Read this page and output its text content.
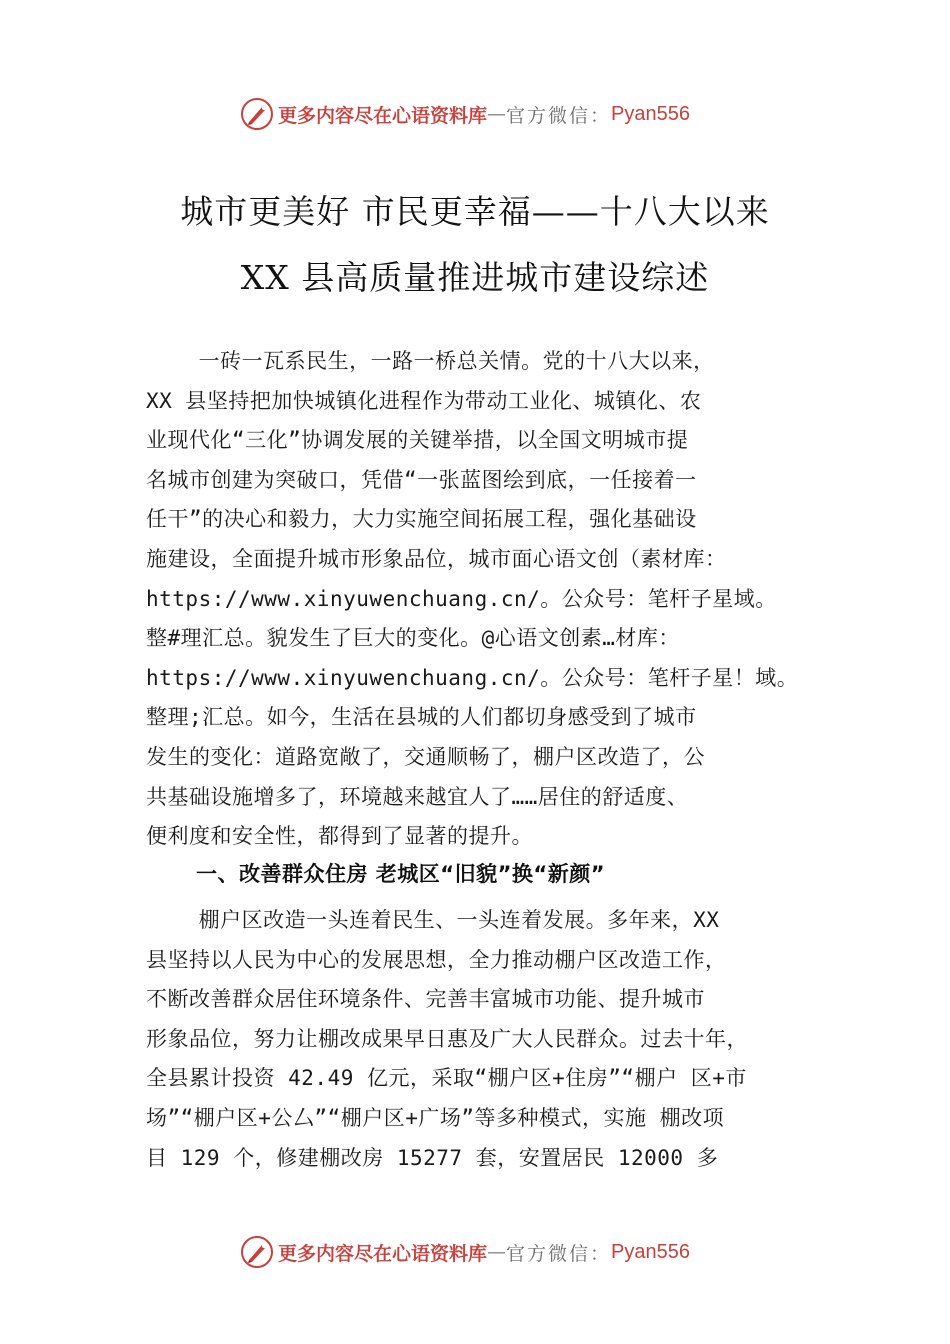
更多内容尽在心语资料库 — 官方微信： Pyan556
城市更美好 市民更幸福——十八大以来
XX 县高质量推进城市建设综述
一砖一瓦系民生，一路一桥总关情。党的十八大以来，
XX 县坚持把加快城镇化进程作为带动工业化、城镇化、农
业现代化“三化”协调发展的关键举措，以全国文明城市提
名城市创建为突破口，凭借“一张蓝图绘到底，一任接着一
任干”的决心和毅力，大力实施空间拓展工程，强化基础设
施建设，全面提升城市形象品位，城市面心语文创（素材库：
https://www.xinyuwenchuang.cn/。公众号：笔杆子星域。
整#理汇总。貌发生了巨大的变化。@心语文创素…材库：
https://www.xinyuwenchuang.cn/。公众号：笔杆子星！域。
整理;汇总。如今，生活在县城的人们都切身感受到了城市
发生的变化：道路宽敞了，交通顺畅了，棚户区改造了，公
共基础设施增多了，环境越来越宜人了……居住的舒适度、
便利度和安全性，都得到了显著的提升。
一、改善群众住房 老城区“旧貌”换“新颜”
棚户区改造一头连着民生、一头连着发展。多年来，XX
县坚持以人民为中心的发展思想，全力推动棚户区改造工作，
不断改善群众居住环境条件、完善丰富城市功能、提升城市
形象品位，努力让棚改成果早日惠及广大人民群众。过去十年，
全县累计投资 42.49 亿元，采取“棚户区+住房”“棚户 区+市
场”“棚户区+公厶”“棚户区+广场”等多种模式，实施 棚改项
目 129 个，修建棚改房 15277 套，安置居民 12000 多
更多内容尽在心语资料库 — 官方微信： Pyan556
